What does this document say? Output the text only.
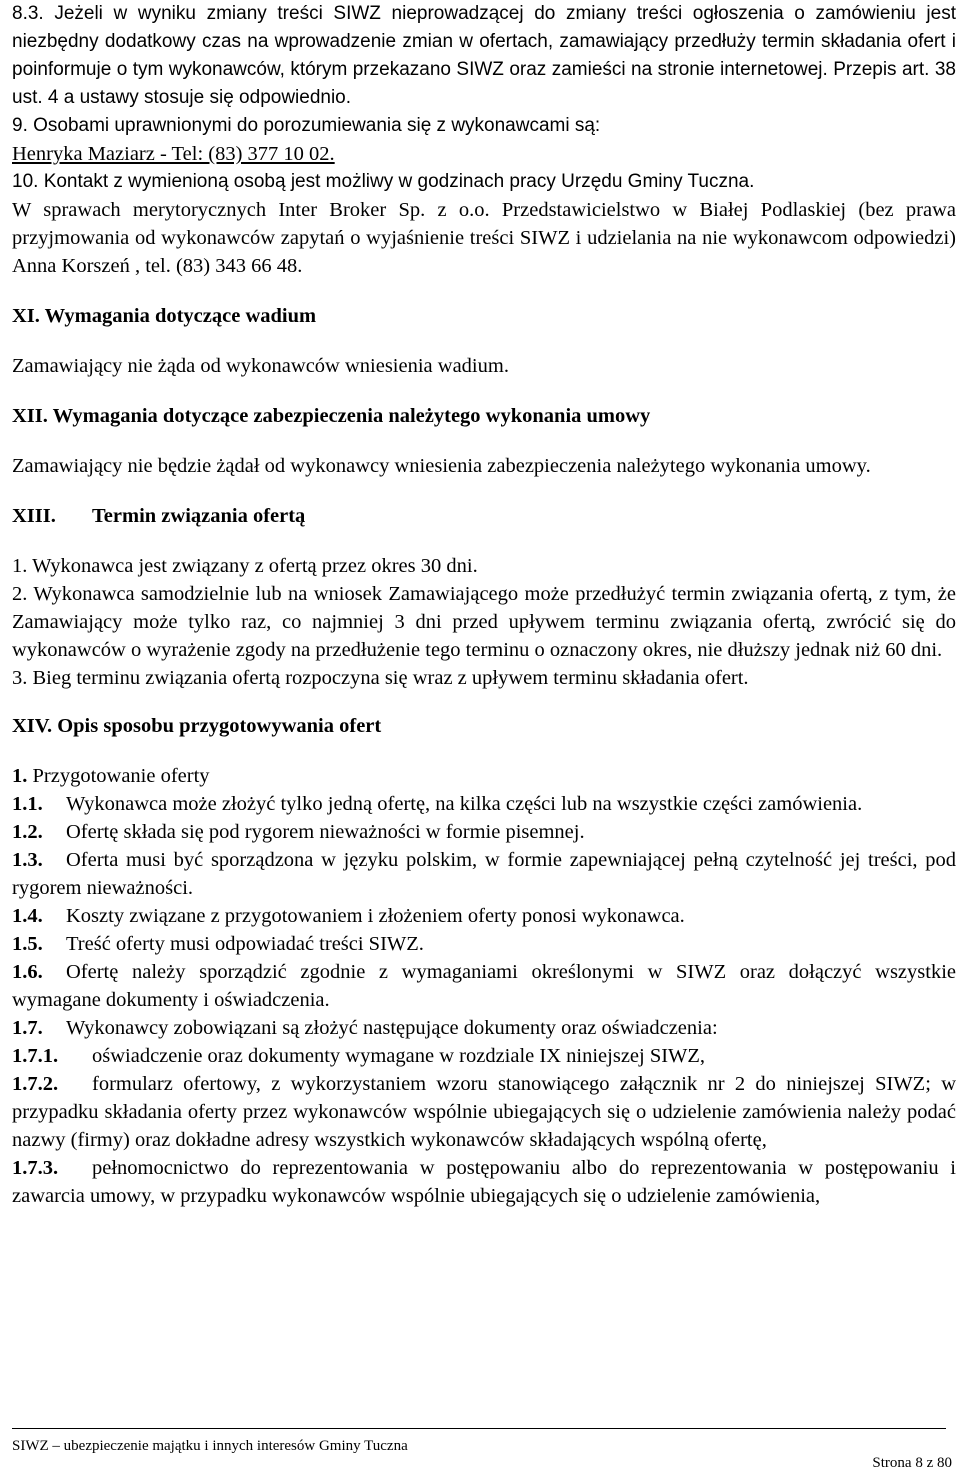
8.3. Jeżeli w wyniku zmiany treści SIWZ nieprowadzącej do zmiany treści ogłoszenia o zamówieniu jest niezbędny dodatkowy czas na wprowadzenie zmian w ofertach, zamawiający przedłuży termin składania ofert i poinformuje o tym wykonawców, którym przekazano SIWZ oraz zamieści na stronie internetowej. Przepis art. 38 ust. 4 a ustawy stosuje się odpowiednio.

9. Osobami uprawnionymi do porozumiewania się z wykonawcami są:

Henryka Maziarz - Tel: (83) 377 10 02.

10. Kontakt z wymienioną osobą jest możliwy w godzinach pracy Urzędu Gminy Tuczna.

W sprawach merytorycznych Inter Broker Sp. z o.o. Przedstawicielstwo w Białej Podlaskiej (bez prawa przyjmowania od wykonawców zapytań o wyjaśnienie treści SIWZ i udzielania na nie wykonawcom odpowiedzi) Anna Korszeń , tel. (83) 343 66 48.

XI. Wymagania dotyczące wadium

Zamawiający nie żąda od wykonawców wniesienia wadium.

XII. Wymagania dotyczące zabezpieczenia należytego wykonania umowy

Zamawiający nie będzie żądał od wykonawcy wniesienia zabezpieczenia należytego wykonania umowy.

XIII. Termin związania ofertą

1. Wykonawca jest związany z ofertą przez okres 30 dni.

2. Wykonawca samodzielnie lub na wniosek Zamawiającego może przedłużyć termin związania ofertą, z tym, że Zamawiający może tylko raz, co najmniej 3 dni przed upływem terminu związania ofertą, zwrócić się do wykonawców o wyrażenie zgody na przedłużenie tego terminu o oznaczony okres, nie dłuższy jednak niż 60 dni.

3. Bieg terminu związania ofertą rozpoczyna się wraz z upływem terminu składania ofert.

XIV. Opis sposobu przygotowywania ofert

1. Przygotowanie oferty

1.1. Wykonawca może złożyć tylko jedną ofertę, na kilka części lub na wszystkie części zamówienia.

1.2. Ofertę składa się pod rygorem nieważności w formie pisemnej.

1.3. Oferta musi być sporządzona w języku polskim, w formie zapewniającej pełną czytelność jej treści, pod rygorem nieważności.

1.4. Koszty związane z przygotowaniem i złożeniem oferty ponosi wykonawca.

1.5. Treść oferty musi odpowiadać treści SIWZ.

1.6. Ofertę należy sporządzić zgodnie z wymaganiami określonymi w SIWZ oraz dołączyć wszystkie wymagane dokumenty i oświadczenia.

1.7. Wykonawcy zobowiązani są złożyć następujące dokumenty oraz oświadczenia:

1.7.1. oświadczenie oraz dokumenty wymagane w rozdziale IX niniejszej SIWZ,

1.7.2. formularz ofertowy, z wykorzystaniem wzoru stanowiącego załącznik nr 2 do niniejszej SIWZ; w przypadku składania oferty przez wykonawców wspólnie ubiegających się o udzielenie zamówienia należy podać nazwy (firmy) oraz dokładne adresy wszystkich wykonawców składających wspólną ofertę,

1.7.3. pełnomocnictwo do reprezentowania w postępowaniu albo do reprezentowania w postępowaniu i zawarcia umowy, w przypadku wykonawców wspólnie ubiegających się o udzielenie zamówienia,

SIWZ – ubezpieczenie majątku i innych interesów Gminy Tuczna
Strona 8 z 80
